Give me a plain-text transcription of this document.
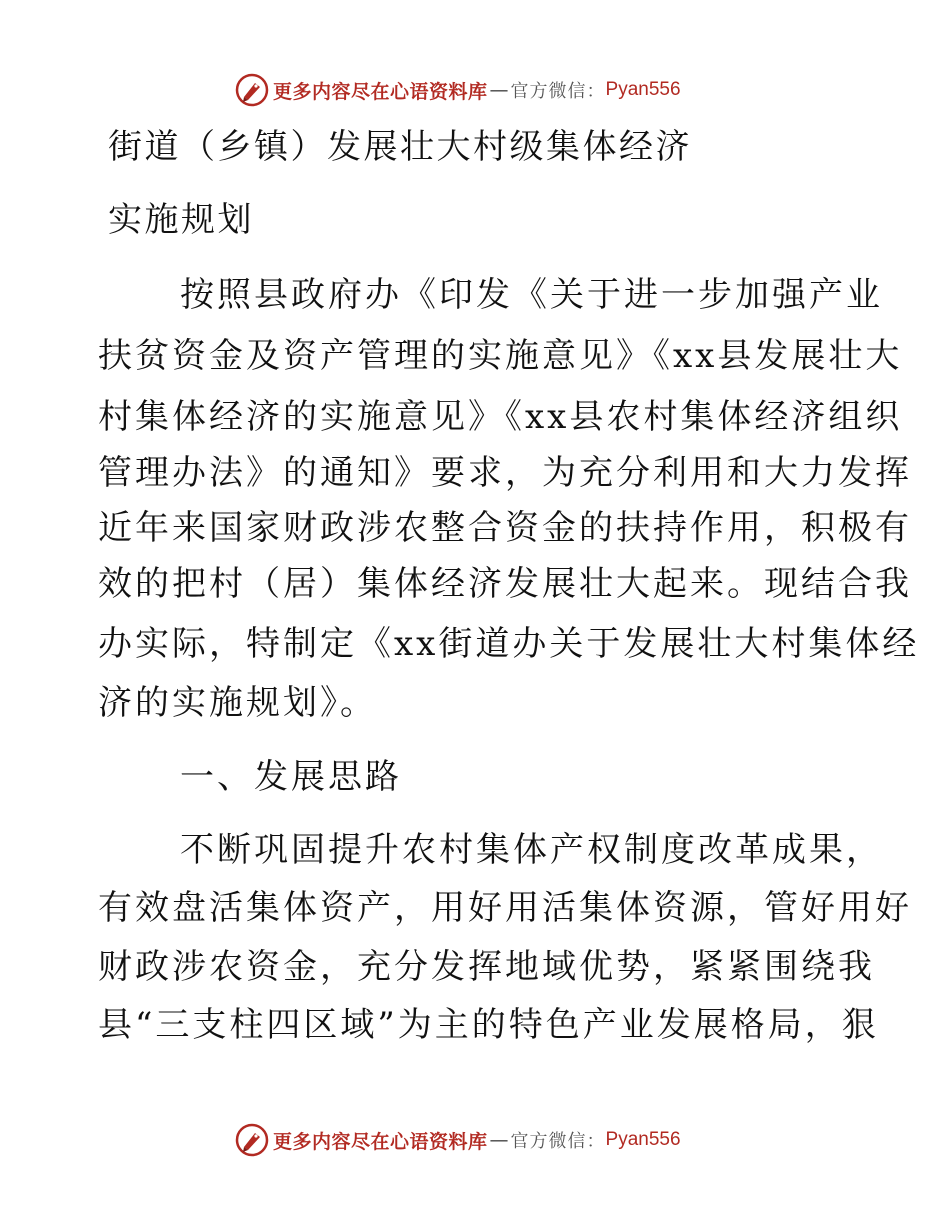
更多内容尽在心语资料库 — 官方微信： Pyan556
街道（乡镇）发展壮大村级集体经济
实施规划
按照县政府办《印发《关于进一步加强产业
扶贫资金及资产管理的实施意见》《xx县发展壮大
村集体经济的实施意见》《xx县农村集体经济组织
管理办法》的通知》要求，为充分利用和大力发挥
近年来国家财政涉农整合资金的扶持作用，积极有
效的把村（居）集体经济发展壮大起来。现结合我
办实际，特制定《xx街道办关于发展壮大村集体经
济的实施规划》。
一、发展思路
不断巩固提升农村集体产权制度改革成果，
有效盘活集体资产，用好用活集体资源，管好用好
财政涉农资金，充分发挥地域优势，紧紧围绕我
县“三支柱四区域”为主的特色产业发展格局，狠
更多内容尽在心语资料库 — 官方微信： Pyan556
